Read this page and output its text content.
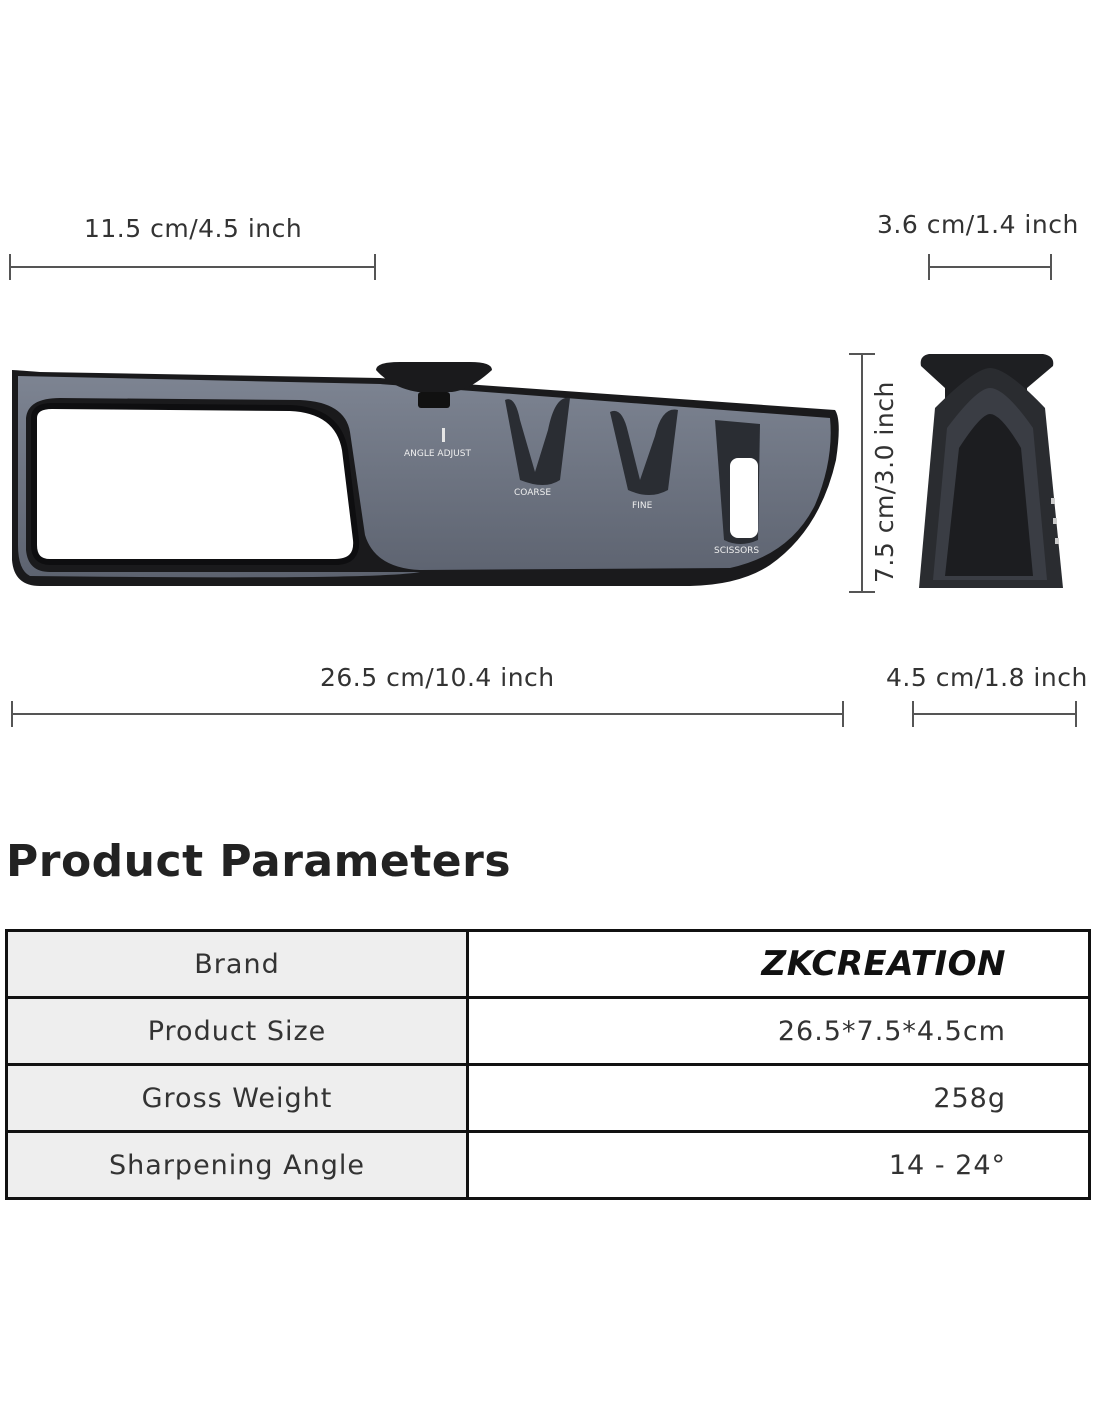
11.5 cm/4.5 inch	3.6 cm/1.4 inch
7.5 cm/3.0 inch
26.5 cm/10.4 inch	4.5 cm/1.8 inch
ANGLE ADJUST
COARSE
FINE
SCISSORS
Product Parameters
Brand	ZKCREATION
Product Size	26.5*7.5*4.5cm
Gross Weight	258g
Sharpening Angle	14 - 24°
